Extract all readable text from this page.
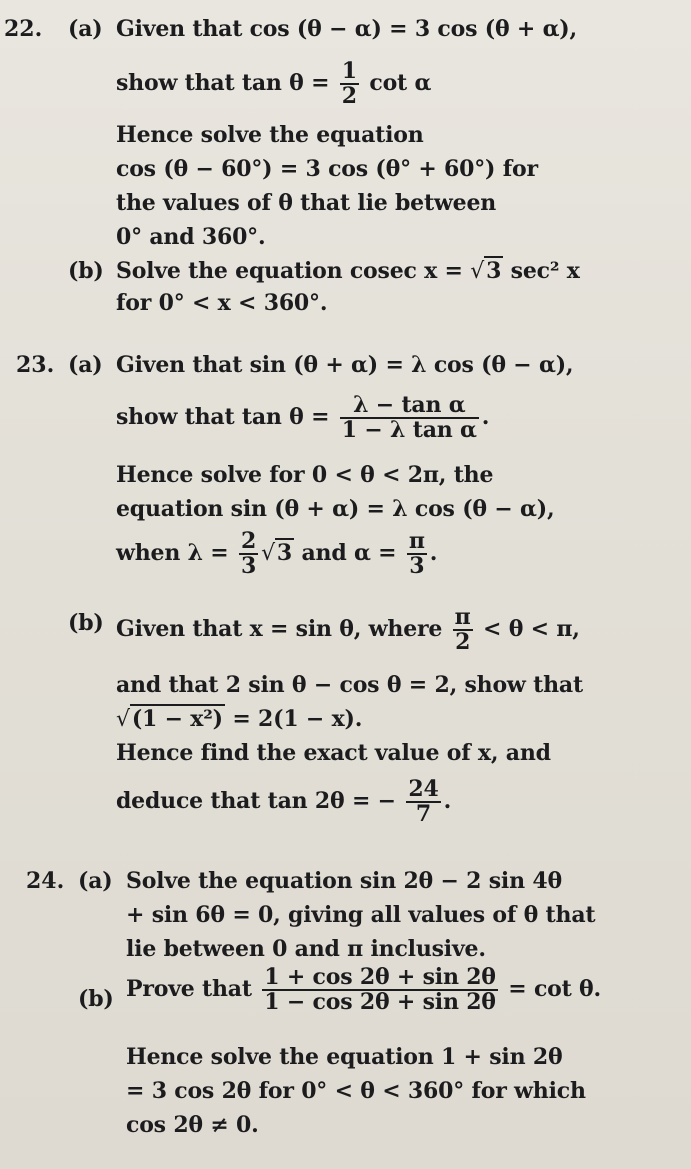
22. (a) Given that cos (θ − α) = 3 cos (θ + α),
show that $\tan \theta = \frac{1}{2}$ cot α
Hence solve the equation
cos (θ − 60°) = 3 cos (θ° + 60°) for
the values of θ that lie between
0° and 360°.
(b) Solve the equation cosec x = √3 sec² x
for 0° < x < 360°.
23. (a) Given that sin (θ + α) = λ cos (θ − α),
show that $\tan \theta = \frac{\text{λ − tan α}}{\text{1 − λ tan α}}$ .
Hence solve for 0 < θ < 2π, the
equation sin (θ + α) = λ cos (θ − α),
when $\lambda = \frac{2}{3} √3$ and $\alpha = \frac{\pi}{3}$ .
(b) Given that x = sin θ, where $\frac{\pi}{2} < \theta < \pi$,
and that 2 sin θ − cos θ = 2, show that
√(1 − x²) = 2(1 − x).
Hence find the exact value of x, and
deduce that tan 2θ = − $\frac{24}{7}$ .
24. (a) Solve the equation sin 2θ − 2 sin 4θ
+ sin 6θ = 0, giving all values of θ that
lie between 0 and π inclusive.
(b) Prove that $\frac{1 + \cos 2\theta + \sin 2\theta}{1 - \cos 2\theta + \sin 2\theta} = \cot \theta$.
Hence solve the equation 1 + sin 2θ
= 3 cos 2θ for 0° < θ < 360° for which
cos 2θ ≠ 0.
